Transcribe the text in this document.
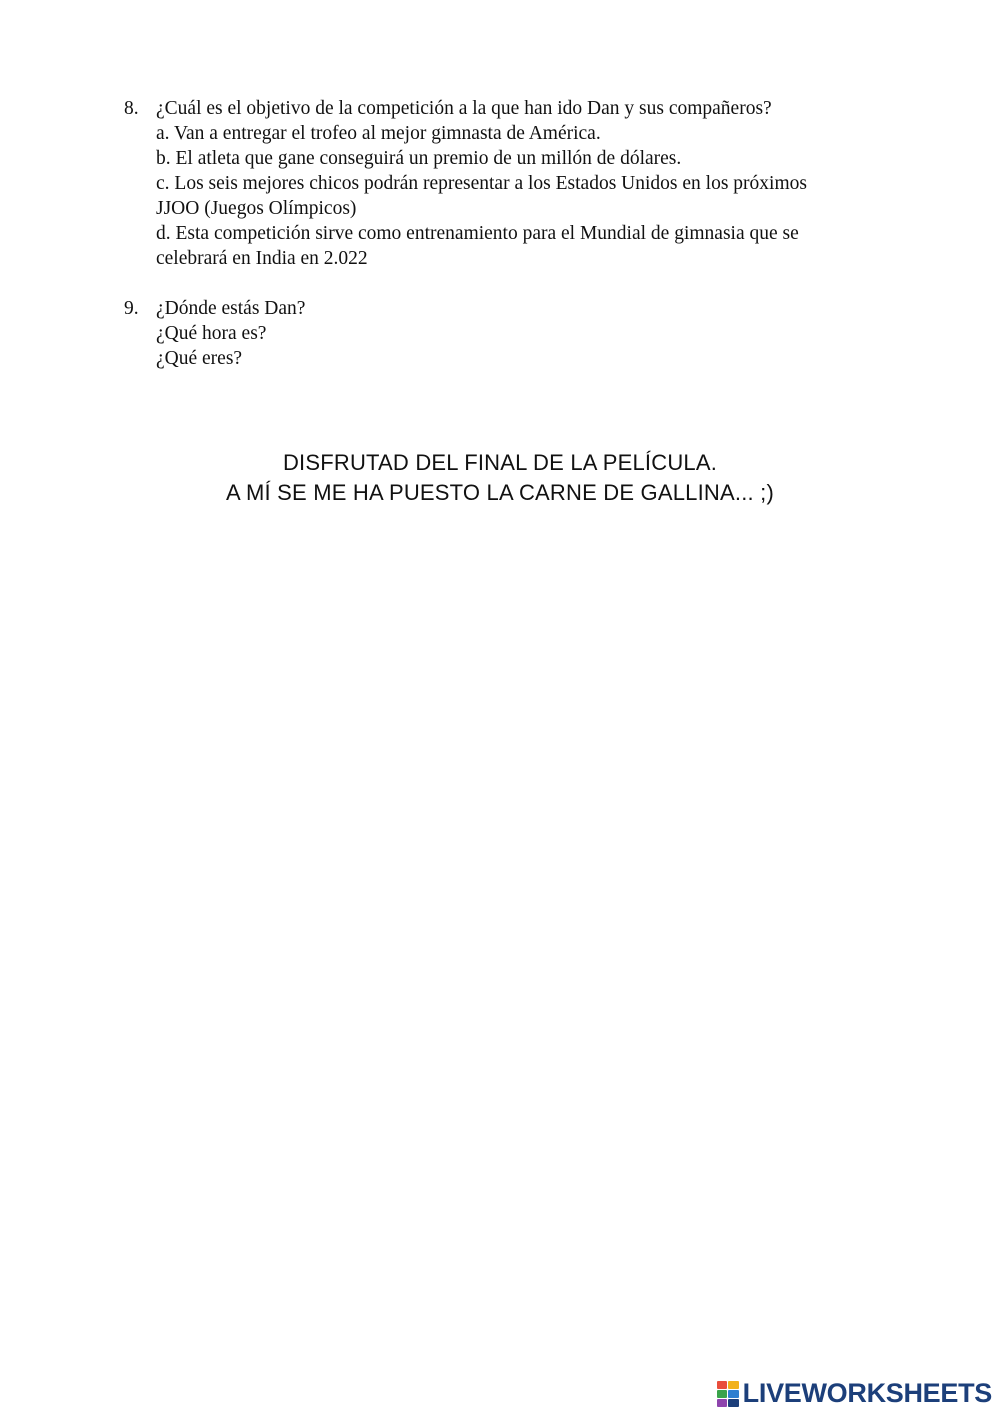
8. ¿Cuál es el objetivo de la competición a la que han ido Dan y sus compañeros?
a. Van a entregar el trofeo al mejor gimnasta de América.
b. El atleta que gane conseguirá un premio de un millón de dólares.
c. Los seis mejores chicos podrán representar a los Estados Unidos en los próximos
JJOO (Juegos Olímpicos)
d. Esta competición sirve como entrenamiento para el Mundial de gimnasia que se
celebrará en India en 2.022
9. ¿Dónde estás Dan?
¿Qué hora es?
¿Qué eres?
DISFRUTAD DEL FINAL DE LA PELÍCULA.
A MÍ SE ME HA PUESTO LA CARNE DE GALLINA... ;)
LIVEWORKSHEETS
